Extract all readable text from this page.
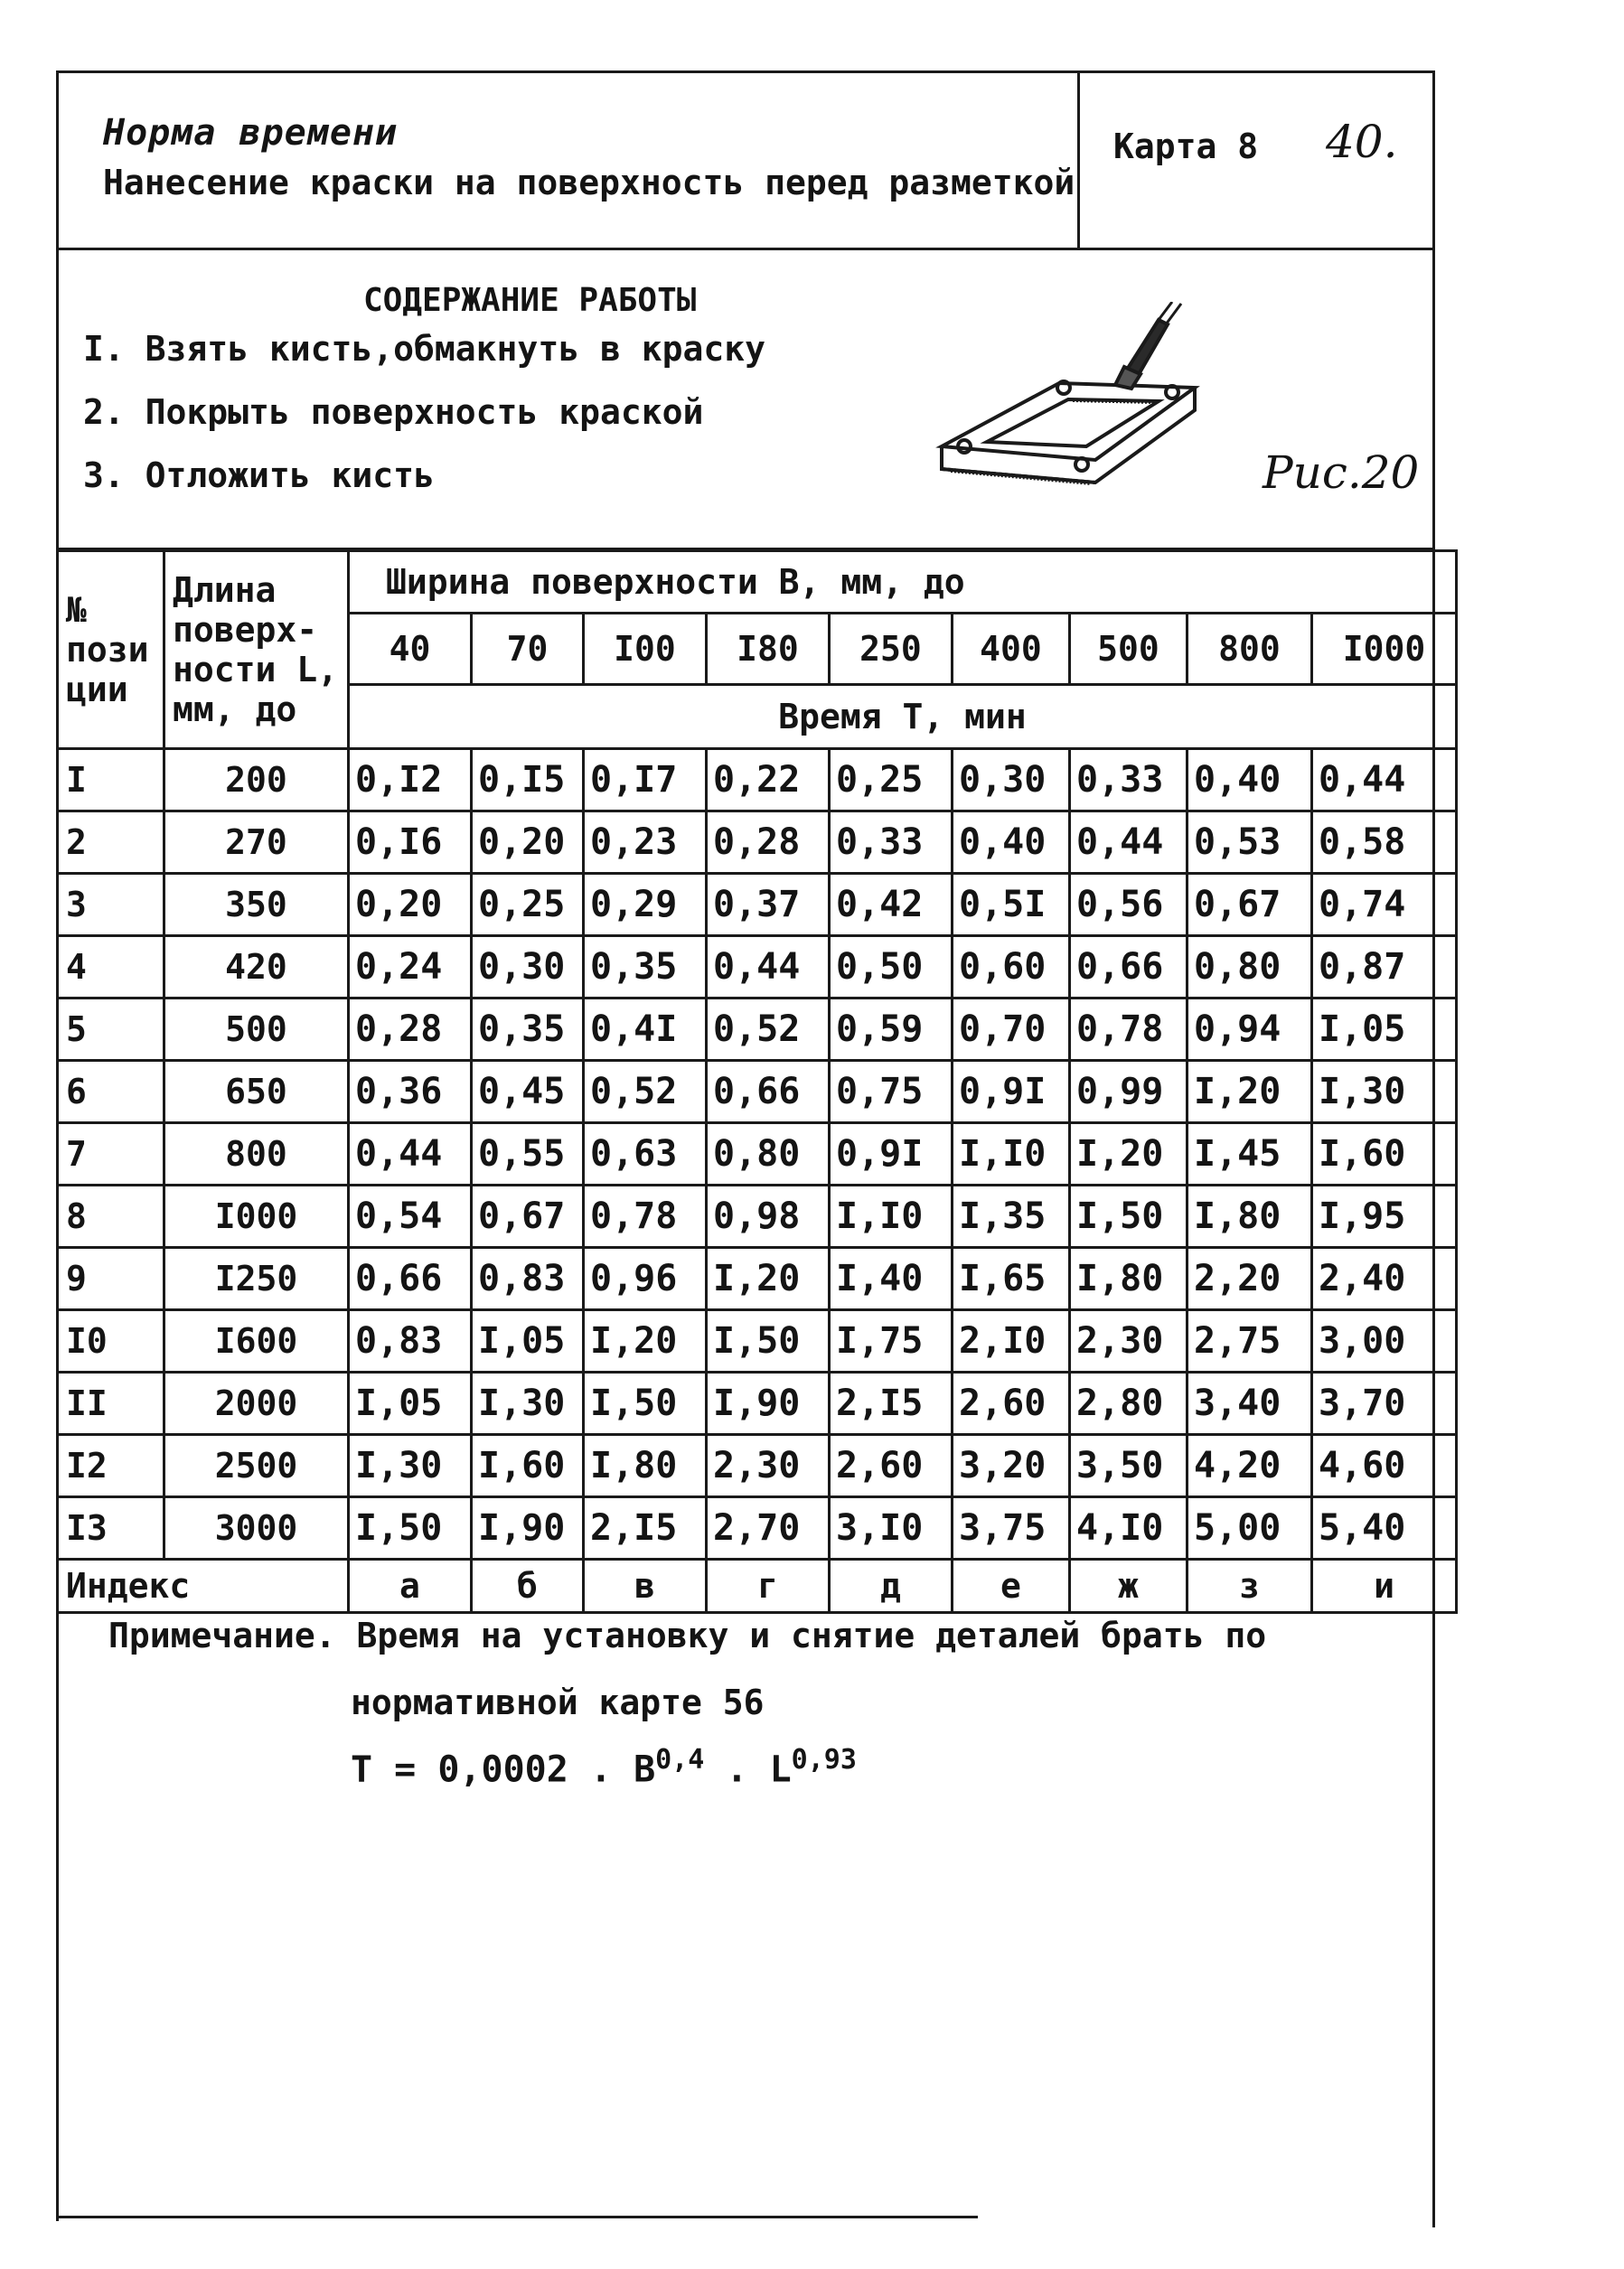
Норма времени
Нанесение краски на поверхность перед разметкой
Карта 8 40.
СОДЕРЖАНИЕ РАБОТЫ
I. Взять кисть,обмакнуть в краску
2. Покрыть поверхность краской
3. Отложить кисть	Рис.20
№ пози ции	Длина поверх- ности L, мм, до	Ширина поверхности В, мм, до								
		40	70	I00	I80	250	400	500	800	I000
		Время Т, мин								
I	200	0,I2	0,I5	0,I7	0,22	0,25	0,30	0,33	0,40	0,44
2	270	0,I6	0,20	0,23	0,28	0,33	0,40	0,44	0,53	0,58
3	350	0,20	0,25	0,29	0,37	0,42	0,5I	0,56	0,67	0,74
4	420	0,24	0,30	0,35	0,44	0,50	0,60	0,66	0,80	0,87
5	500	0,28	0,35	0,4I	0,52	0,59	0,70	0,78	0,94	I,05
6	650	0,36	0,45	0,52	0,66	0,75	0,9I	0,99	I,20	I,30
7	800	0,44	0,55	0,63	0,80	0,9I	I,I0	I,20	I,45	I,60
8	I000	0,54	0,67	0,78	0,98	I,I0	I,35	I,50	I,80	I,95
9	I250	0,66	0,83	0,96	I,20	I,40	I,65	I,80	2,20	2,40
I0	I600	0,83	I,05	I,20	I,50	I,75	2,I0	2,30	2,75	3,00
II	2000	I,05	I,30	I,50	I,90	2,I5	2,60	2,80	3,40	3,70
I2	2500	I,30	I,60	I,80	2,30	2,60	3,20	3,50	4,20	4,60
I3	3000	I,50	I,90	2,I5	2,70	3,I0	3,75	4,I0	5,00	5,40
Индекс		а	б	в	г	д	е	ж	з	и
Примечание. Время на установку и снятие деталей брать по
нормативной карте 56
Т = 0,0002 . В$^{0,4}$ . L$^{0,93}$
